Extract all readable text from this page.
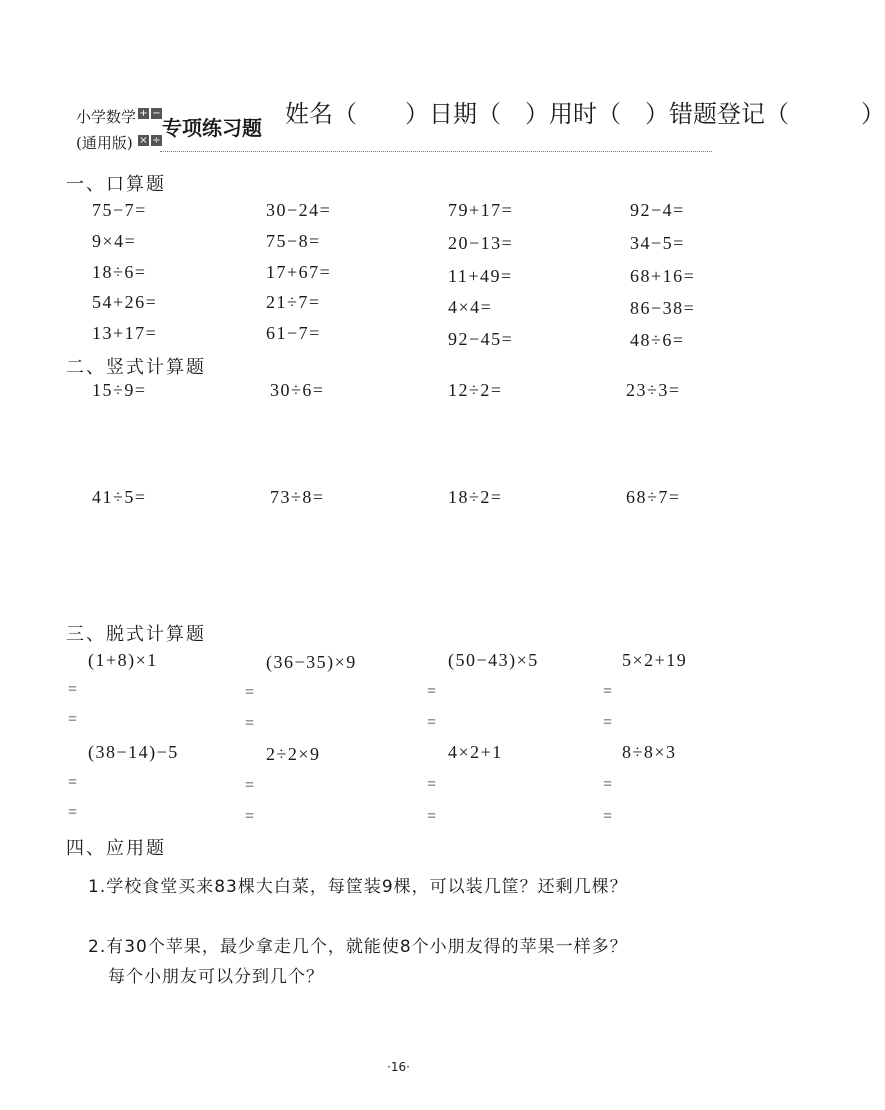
小学数学
(通用版)
+ −
× ÷
专项练习题 姓名（　　）日期（　）用时（　）错题登记（　　　）
一、口算题
75−7=	30−24=	79+17=	92−4=
9×4=	75−8=	20−13=	34−5=
18÷6=	17+67=	11+49=	68+16=
54+26=	21÷7=	4×4=	86−38=
13+17=	61−7=	92−45=	48÷6=
二、竖式计算题
15÷9=	30÷6=	12÷2=	23÷3=
41÷5=	73÷8=	18÷2=	68÷7=
三、脱式计算题
(1+8)×1	(36−35)×9	(50−43)×5	5×2+19
=	=	=	=
=	=	=	=
(38−14)−5	2÷2×9	4×2+1	8÷8×3
=	=	=	=
=	=	=	=
四、应用题
1.学校食堂买来83棵大白菜，每筐装9棵，可以装几筐？还剩几棵？
2.有30个苹果，最少拿走几个，就能使8个小朋友得的苹果一样多？
每个小朋友可以分到几个？
·16·
